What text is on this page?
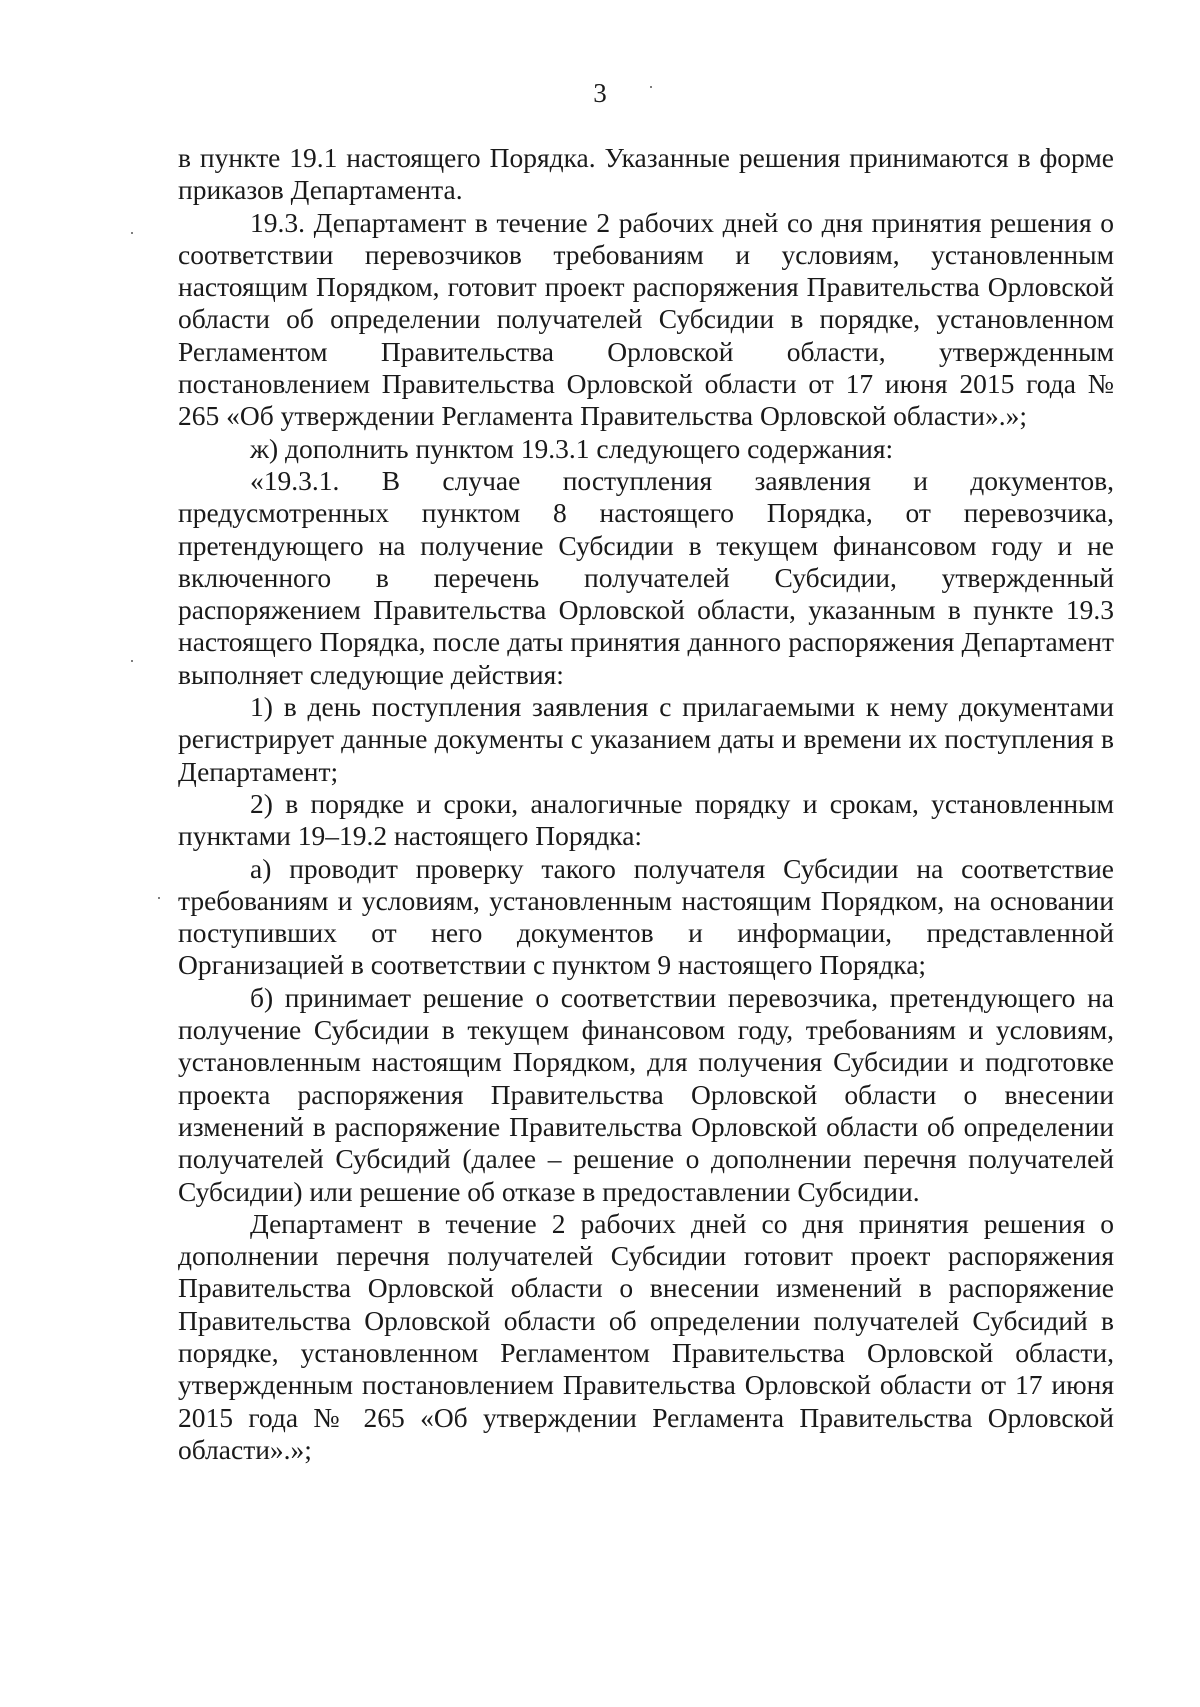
3

в пункте 19.1 настоящего Порядка. Указанные решения принимаются в форме приказов Департамента.

19.3. Департамент в течение 2 рабочих дней со дня принятия решения о соответствии перевозчиков требованиям и условиям, установленным настоящим Порядком, готовит проект распоряжения Правительства Орловской области об определении получателей Субсидии в порядке, установленном Регламентом Правительства Орловской области, утвержденным постановлением Правительства Орловской области от 17 июня 2015 года № 265 «Об утверждении Регламента Правительства Орловской области».»;

ж) дополнить пунктом 19.3.1 следующего содержания:

«19.3.1. В случае поступления заявления и документов, предусмотренных пунктом 8 настоящего Порядка, от перевозчика, претендующего на получение Субсидии в текущем финансовом году и не включенного в перечень получателей Субсидии, утвержденный распоряжением Правительства Орловской области, указанным в пункте 19.3 настоящего Порядка, после даты принятия данного распоряжения Департамент выполняет следующие действия:

1) в день поступления заявления с прилагаемыми к нему документами регистрирует данные документы с указанием даты и времени их поступления в Департамент;

2) в порядке и сроки, аналогичные порядку и срокам, установленным пунктами 19–19.2 настоящего Порядка:

а) проводит проверку такого получателя Субсидии на соответствие требованиям и условиям, установленным настоящим Порядком, на основании поступивших от него документов и информации, представленной Организацией в соответствии с пунктом 9 настоящего Порядка;

б) принимает решение о соответствии перевозчика, претендующего на получение Субсидии в текущем финансовом году, требованиям и условиям, установленным настоящим Порядком, для получения Субсидии и подготовке проекта распоряжения Правительства Орловской области о внесении изменений в распоряжение Правительства Орловской области об определении получателей Субсидий (далее – решение о дополнении перечня получателей Субсидии) или решение об отказе в предоставлении Субсидии.

Департамент в течение 2 рабочих дней со дня принятия решения о дополнении перечня получателей Субсидии готовит проект распоряжения Правительства Орловской области о внесении изменений в распоряжение Правительства Орловской области об определении получателей Субсидий в порядке, установленном Регламентом Правительства Орловской области, утвержденным постановлением Правительства Орловской области от 17 июня 2015 года № 265 «Об утверждении Регламента Правительства Орловской области».»;
